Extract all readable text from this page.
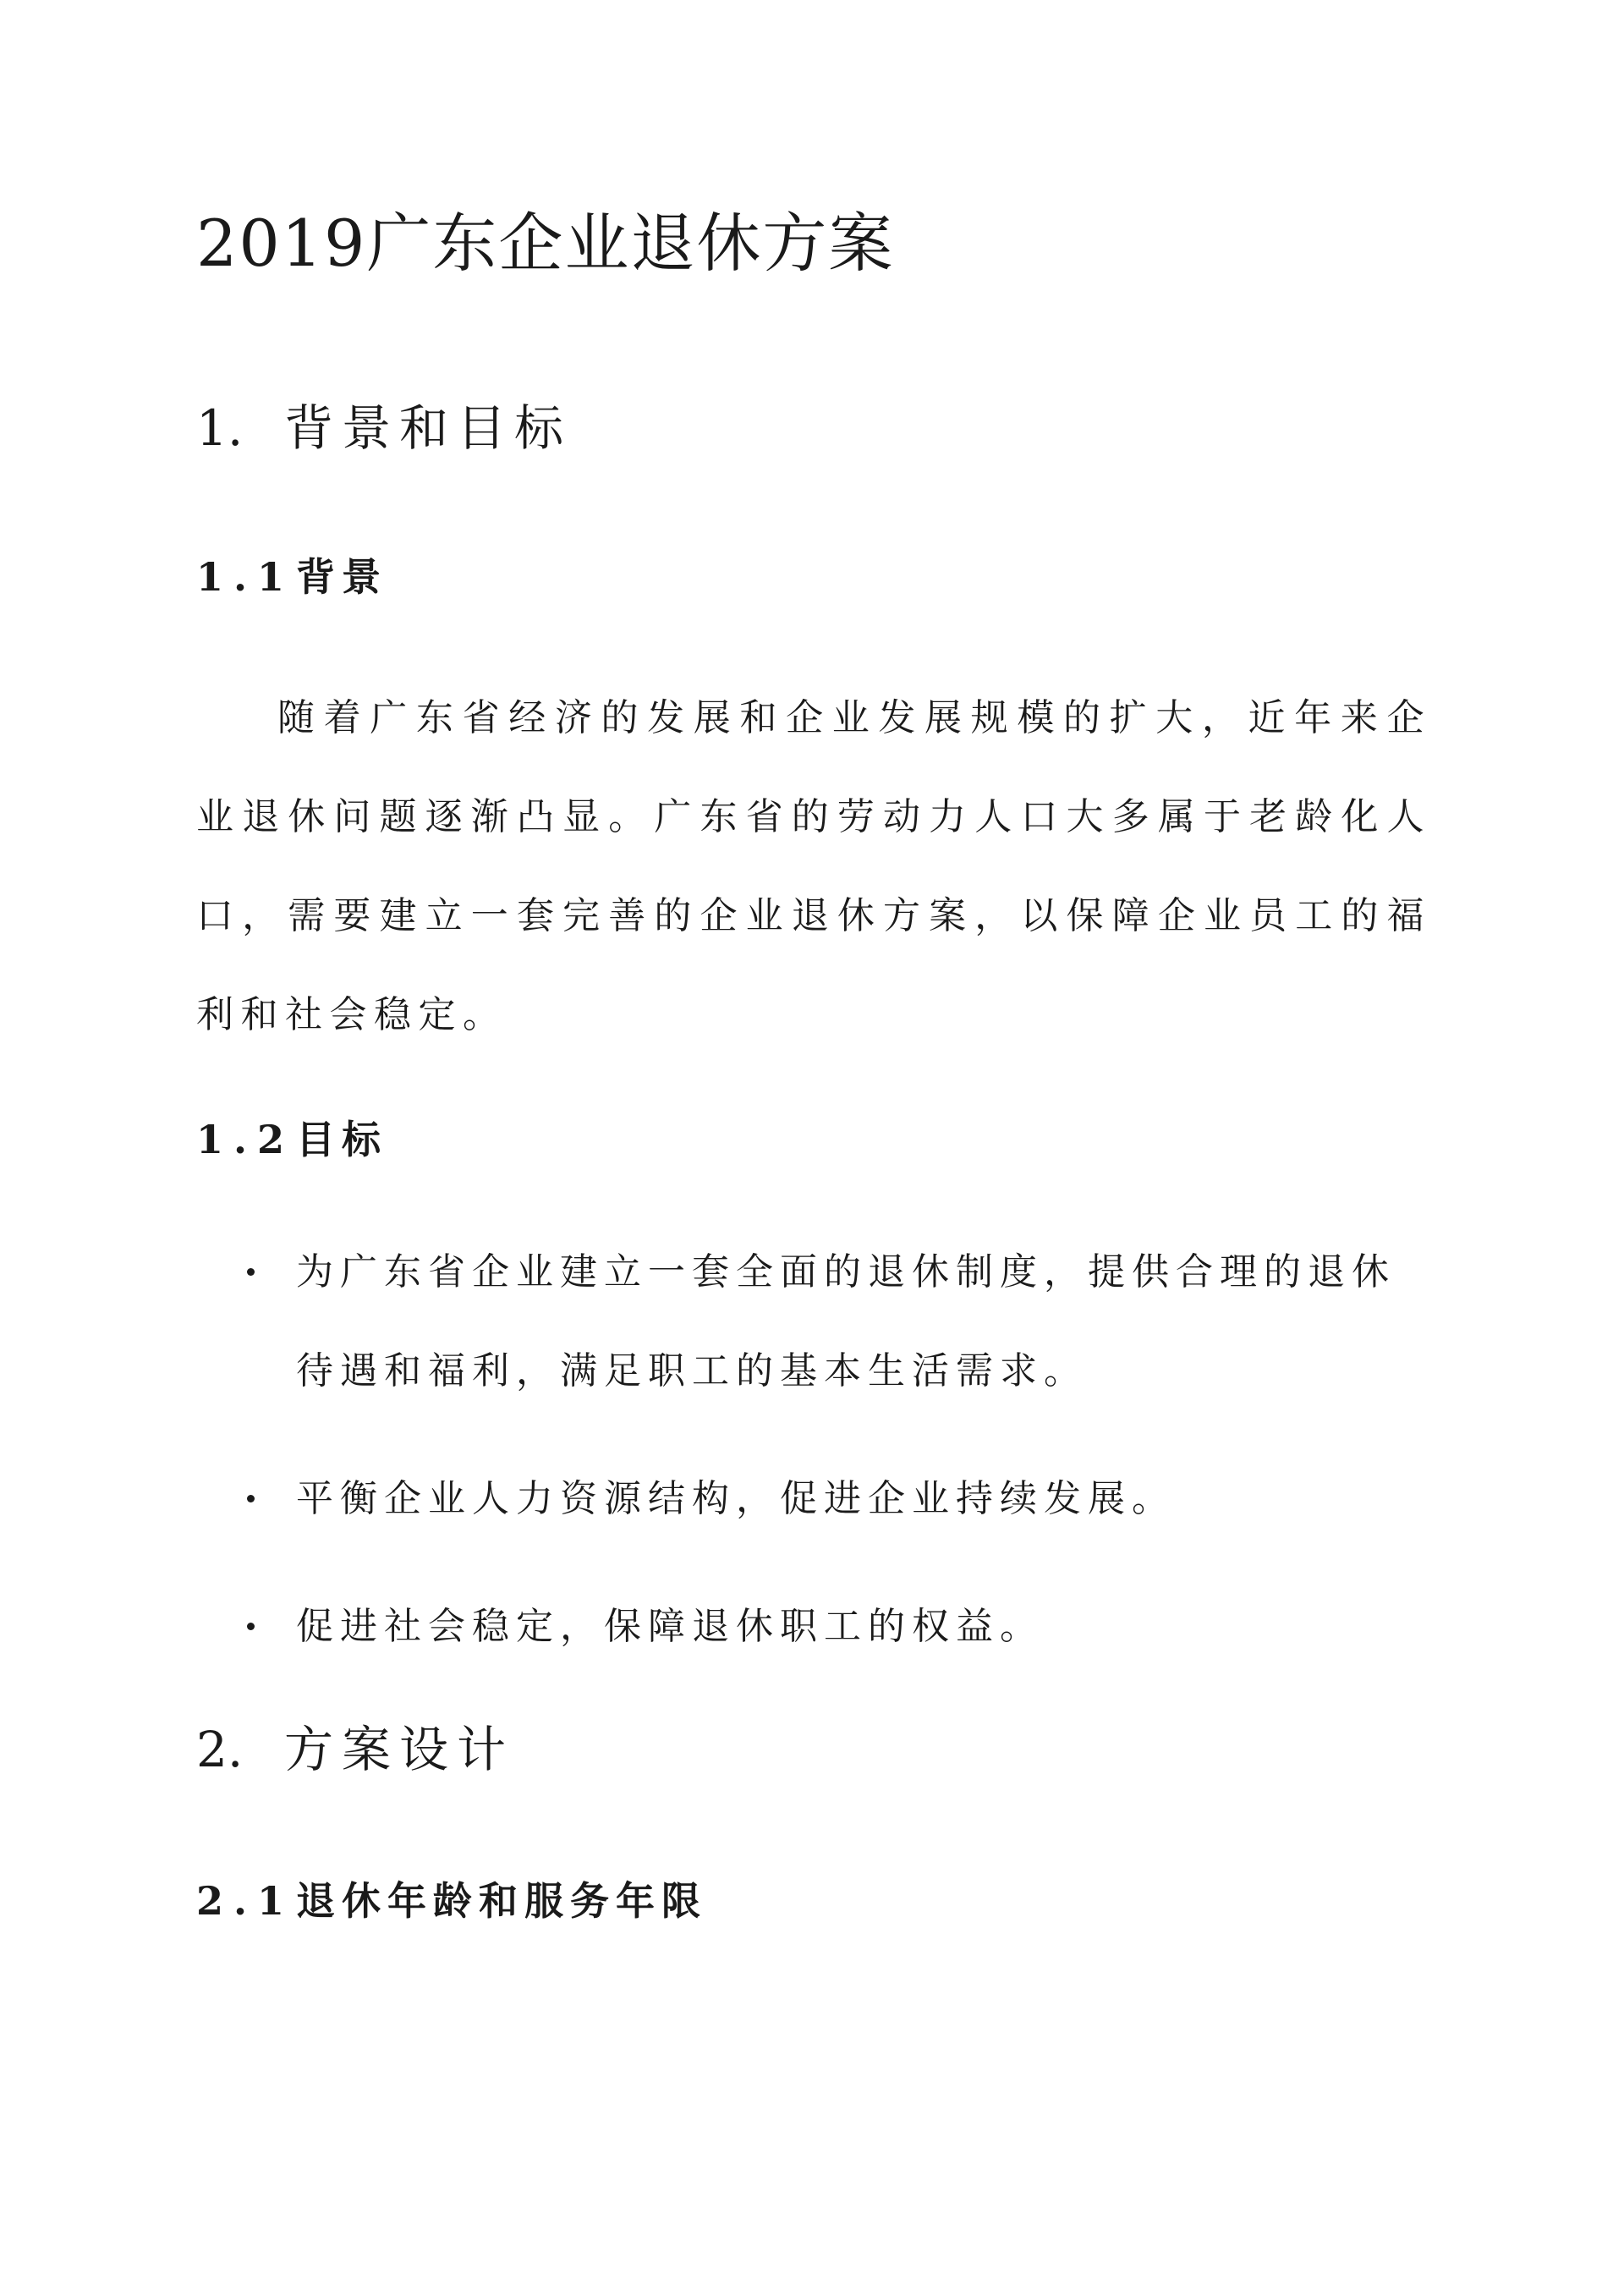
2019广东企业退休方案
1. 背景和目标
1.1背景

随着广东省经济的发展和企业发展规模的扩大，近年来企业退休问题逐渐凸显。广东省的劳动力人口大多属于老龄化人口，需要建立一套完善的企业退休方案，以保障企业员工的福利和社会稳定。

1.2目标
为广东省企业建立一套全面的退休制度，提供合理的退休待遇和福利，满足职工的基本生活需求。
平衡企业人力资源结构，促进企业持续发展。
促进社会稳定，保障退休职工的权益。
2. 方案设计
2.1退休年龄和服务年限
